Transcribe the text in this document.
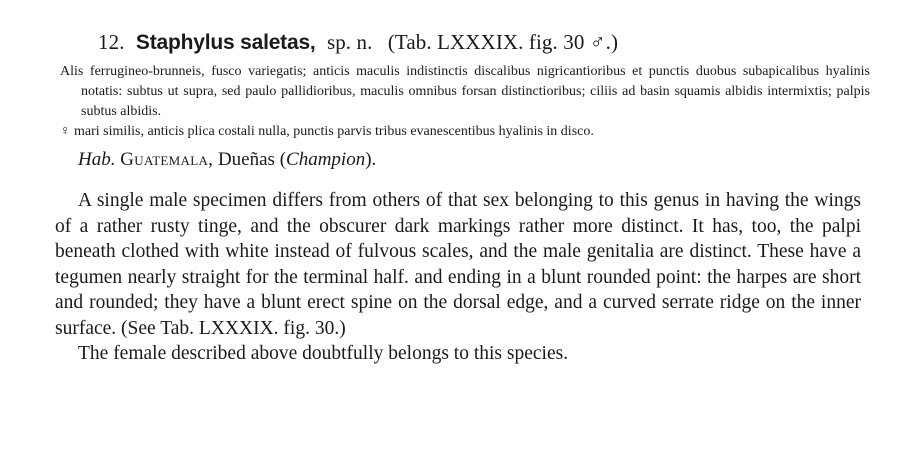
12. Staphylus saletas, sp. n. (Tab. LXXXIX. fig. 30 ♂.)

Alis ferrugineo-brunneis, fusco variegatis; anticis maculis indistinctis discalibus nigricantioribus et punctis duobus subapicalibus hyalinis notatis: subtus ut supra, sed paulo pallidioribus, maculis omnibus forsan distinctioribus; ciliis ad basin squamis albidis intermixtis; palpis subtus albidis.

♀ mari similis, anticis plica costali nulla, punctis parvis tribus evanescentibus hyalinis in disco.

Hab. Guatemala, Dueñas (Champion).

A single male specimen differs from others of that sex belonging to this genus in having the wings of a rather rusty tinge, and the obscurer dark markings rather more distinct. It has, too, the palpi beneath clothed with white instead of fulvous scales, and the male genitalia are distinct. These have a tegumen nearly straight for the terminal half. and ending in a blunt rounded point: the harpes are short and rounded; they have a blunt erect spine on the dorsal edge, and a curved serrate ridge on the inner surface. (See Tab. LXXXIX. fig. 30.)

The female described above doubtfully belongs to this species.
